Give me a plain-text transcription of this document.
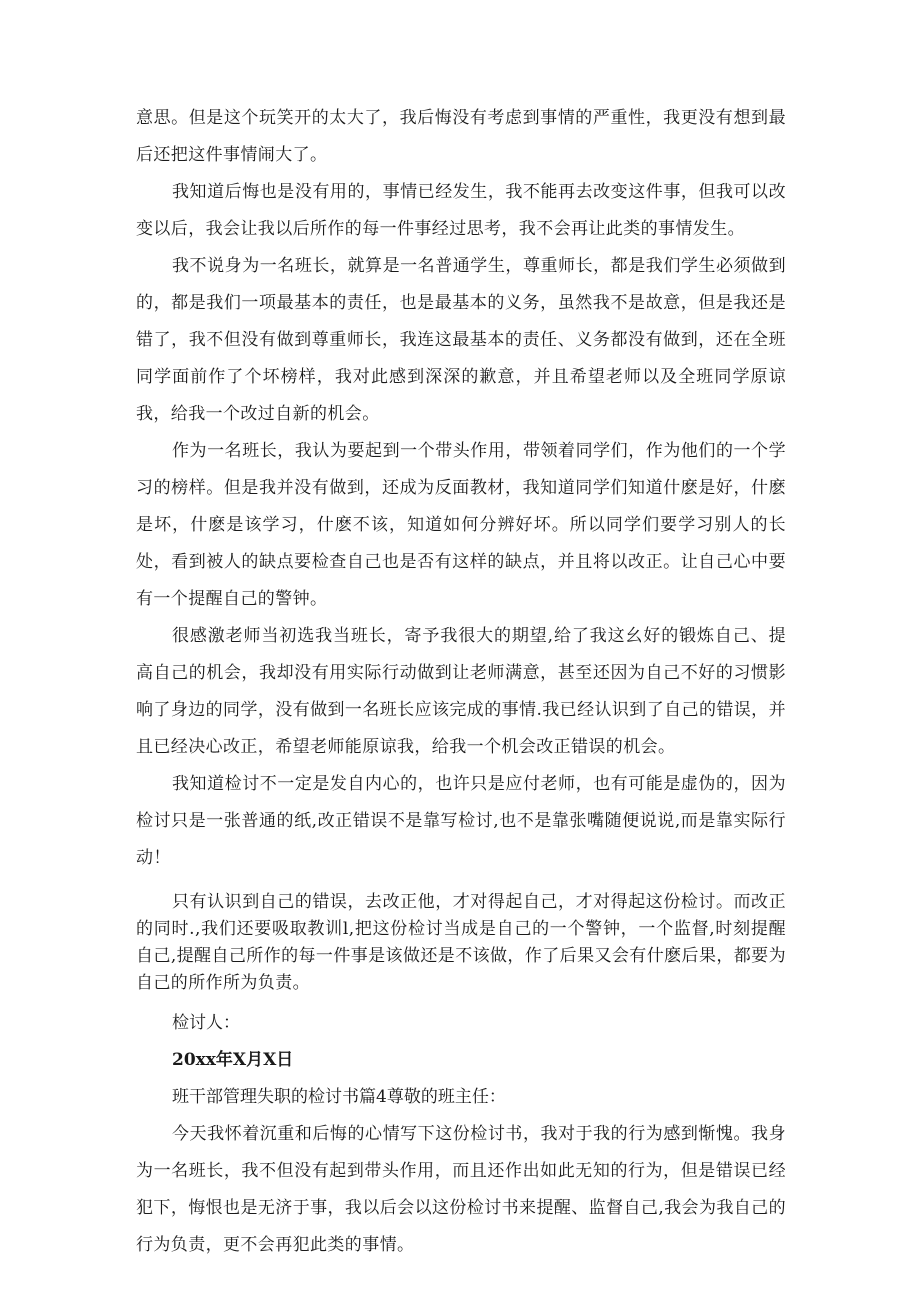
意思。但是这个玩笑开的太大了，我后悔没有考虑到事情的严重性，我更没有想到最后还把这件事情闹大了。

我知道后悔也是没有用的，事情已经发生，我不能再去改变这件事，但我可以改变以后，我会让我以后所作的每一件事经过思考，我不会再让此类的事情发生。

我不说身为一名班长，就算是一名普通学生，尊重师长，都是我们学生必须做到的，都是我们一项最基本的责任，也是最基本的义务，虽然我不是故意，但是我还是错了，我不但没有做到尊重师长，我连这最基本的责任、义务都没有做到，还在全班同学面前作了个坏榜样，我对此感到深深的歉意，并且希望老师以及全班同学原谅我，给我一个改过自新的机会。

作为一名班长，我认为要起到一个带头作用，带领着同学们，作为他们的一个学习的榜样。但是我并没有做到，还成为反面教材，我知道同学们知道什麽是好，什麽是坏，什麽是该学习，什麽不该，知道如何分辨好坏。所以同学们要学习别人的长处，看到被人的缺点要检查自己也是否有这样的缺点，并且将以改正。让自己心中要有一个提醒自己的警钟。

很感激老师当初选我当班长，寄予我很大的期望,给了我这幺好的锻炼自己、提高自己的机会，我却没有用实际行动做到让老师满意，甚至还因为自己不好的习惯影响了身边的同学，没有做到一名班长应该完成的事情.我已经认识到了自己的错误，并且已经决心改正，希望老师能原谅我，给我一个机会改正错误的机会。

我知道检讨不一定是发自内心的，也许只是应付老师，也有可能是虚伪的，因为检讨只是一张普通的纸,改正错误不是靠写检讨,也不是靠张嘴随便说说,而是靠实际行动！

只有认识到自己的错误，去改正他，才对得起自己，才对得起这份检讨。而改正的同时.,我们还要吸取教训l,把这份检讨当成是自己的一个警钟，一个监督,时刻提醒自己,提醒自己所作的每一件事是该做还是不该做，作了后果又会有什麽后果，都要为自己的所作所为负责。

检讨人：

20xx年X月X日

班干部管理失职的检讨书篇4尊敬的班主任：

今天我怀着沉重和后悔的心情写下这份检讨书，我对于我的行为感到惭愧。我身为一名班长，我不但没有起到带头作用，而且还作出如此无知的行为，但是错误已经犯下，悔恨也是无济于事，我以后会以这份检讨书来提醒、监督自己,我会为我自己的行为负责，更不会再犯此类的事情。
